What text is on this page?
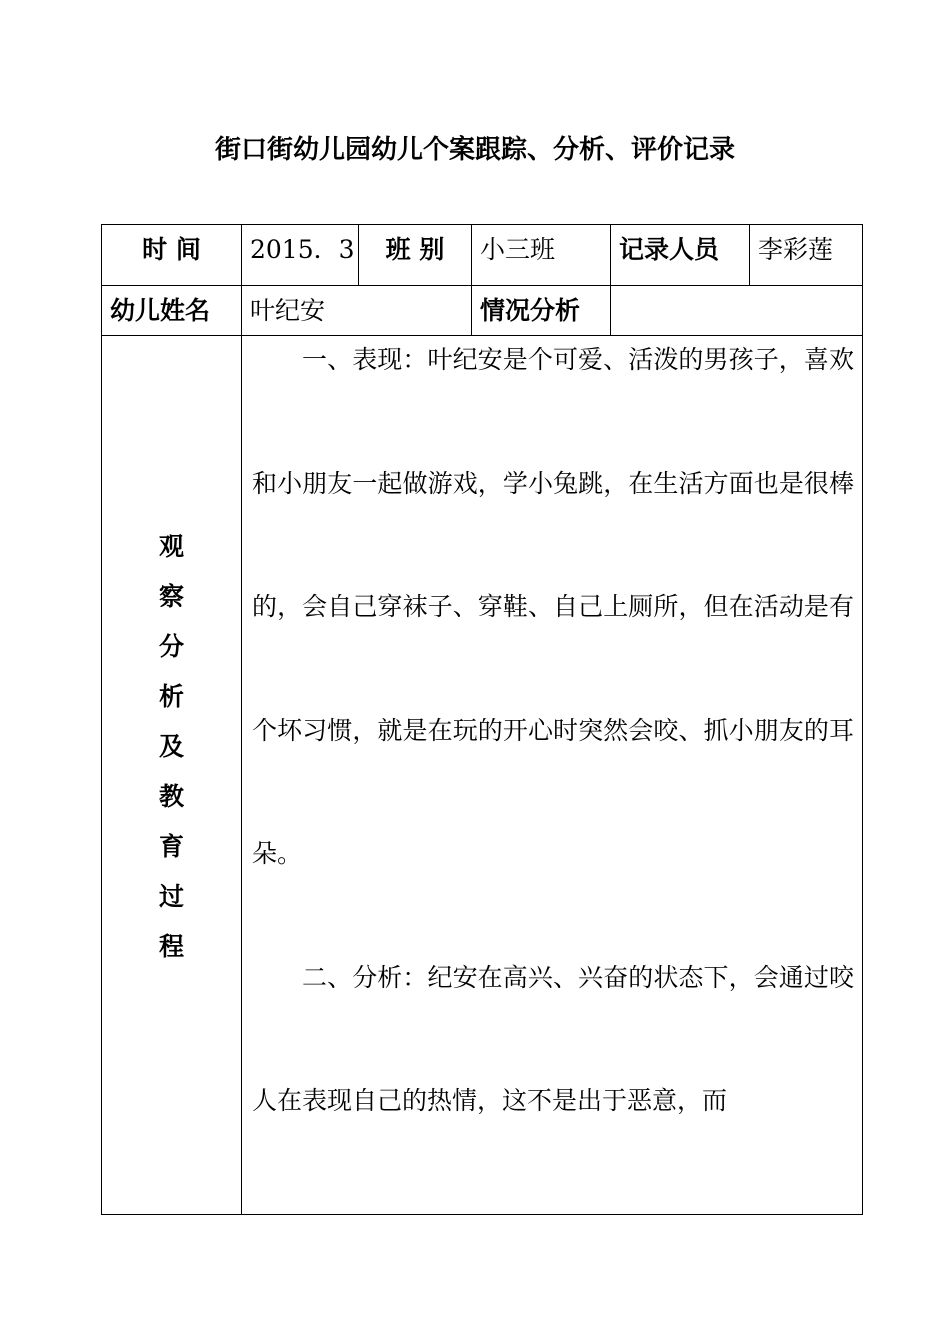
街口街幼儿园幼儿个案跟踪、分析、评价记录
时 间	2015．3	班 别	小三班	记录人员	李彩莲

幼儿姓名	叶纪安		情况分析		

观察分析及教育过程	一、表现：叶纪安是个可爱、活泼的男孩子，喜欢和小朋友一起做游戏，学小兔跳，在生活方面也是很棒的，会自己穿袜子、穿鞋、自己上厕所，但在活动是有个坏习惯，就是在玩的开心时突然会咬、抓小朋友的耳朵。

二、分析：纪安在高兴、兴奋的状态下，会通过咬人在表现自己的热情，这不是出于恶意，而				
